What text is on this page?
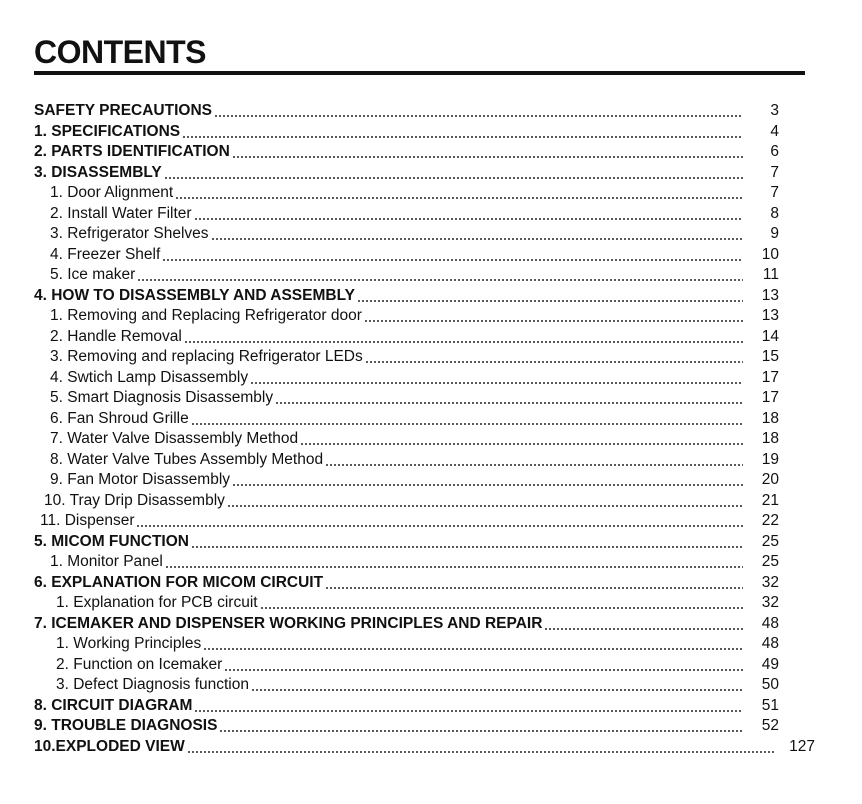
CONTENTS
SAFETY PRECAUTIONS	3
1. SPECIFICATIONS	4
2. PARTS IDENTIFICATION	6
3. DISASSEMBLY	7
1. Door Alignment	7
2. Install Water Filter	8
3. Refrigerator Shelves	9
4. Freezer Shelf	10
5. Ice maker	11
4. HOW TO DISASSEMBLY AND ASSEMBLY	13
1. Removing and Replacing Refrigerator door	13
2. Handle Removal	14
3. Removing and replacing Refrigerator LEDs	15
4. Swtich Lamp Disassembly	17
5. Smart Diagnosis Disassembly	17
6. Fan Shroud Grille	18
7. Water Valve Disassembly Method	18
8. Water Valve Tubes Assembly Method	19
9. Fan Motor Disassembly	20
10. Tray Drip Disassembly	21
11. Dispenser	22
5. MICOM FUNCTION	25
1. Monitor Panel	25
6. EXPLANATION FOR MICOM CIRCUIT	32
1. Explanation for PCB circuit	32
7. ICEMAKER AND DISPENSER WORKING PRINCIPLES AND REPAIR	48
1. Working Principles	48
2. Function on Icemaker	49
3. Defect Diagnosis function	50
8. CIRCUIT DIAGRAM	51
9. TROUBLE DIAGNOSIS	52
10.EXPLODED VIEW	127
